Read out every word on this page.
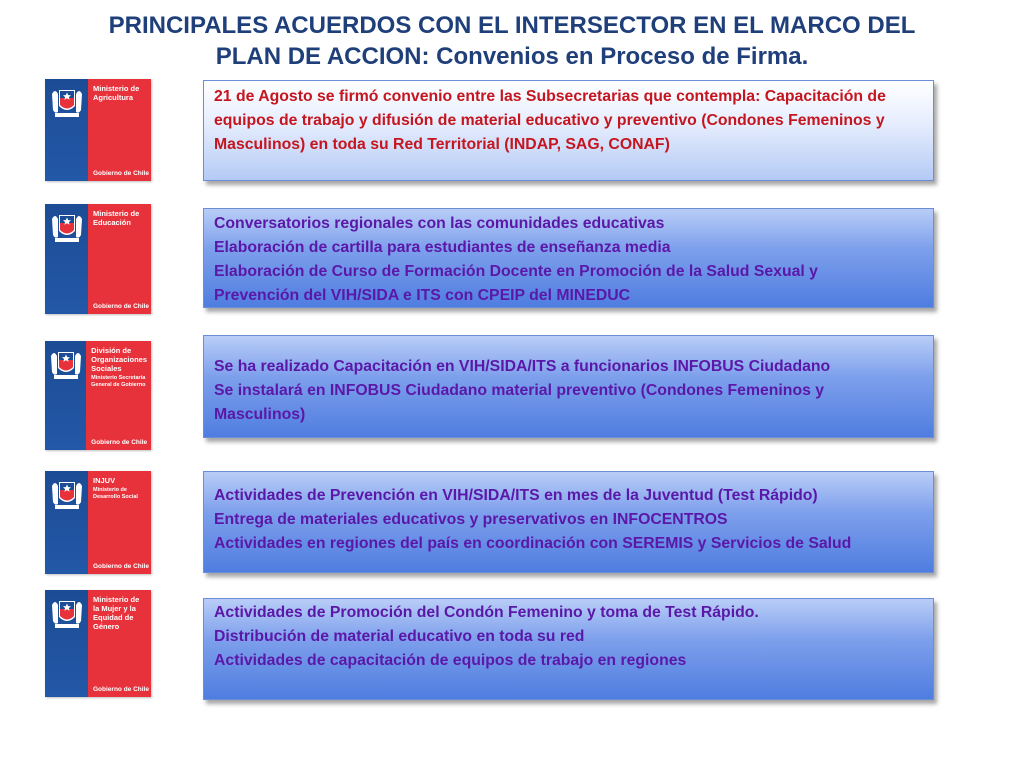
PRINCIPALES ACUERDOS CON EL INTERSECTOR EN EL MARCO DEL
PLAN DE ACCION: Convenios en Proceso de Firma.
Ministerio de Agricultura
Gobierno de Chile
Ministerio de Educación
Gobierno de Chile
División de Organizaciones Sociales
Ministerio Secretaría General de Gobierno
Gobierno de Chile
INJUV
Ministerio de Desarrollo Social
Gobierno de Chile
Ministerio de la Mujer y la Equidad de Género
Gobierno de Chile
21 de Agosto se firmó convenio entre las Subsecretarias que contempla: Capacitación de equipos de trabajo y difusión de material educativo y preventivo (Condones Femeninos y Masculinos) en toda su Red Territorial (INDAP, SAG, CONAF)
Conversatorios regionales con las comunidades educativas
Elaboración de cartilla para estudiantes de enseñanza media
Elaboración de Curso de Formación Docente en Promoción de la Salud Sexual y
Prevención del VIH/SIDA e ITS con CPEIP del MINEDUC
Se ha realizado Capacitación en VIH/SIDA/ITS a funcionarios INFOBUS Ciudadano
Se instalará en INFOBUS Ciudadano material preventivo (Condones Femeninos y
Masculinos)
Actividades de Prevención en VIH/SIDA/ITS en mes de la Juventud (Test Rápido)
Entrega de materiales educativos y preservativos en INFOCENTROS
Actividades en regiones del país en coordinación con SEREMIS y Servicios de Salud
Actividades de Promoción del Condón Femenino y toma de Test Rápido.
Distribución de material educativo en toda su red
Actividades de capacitación de equipos de trabajo en regiones
